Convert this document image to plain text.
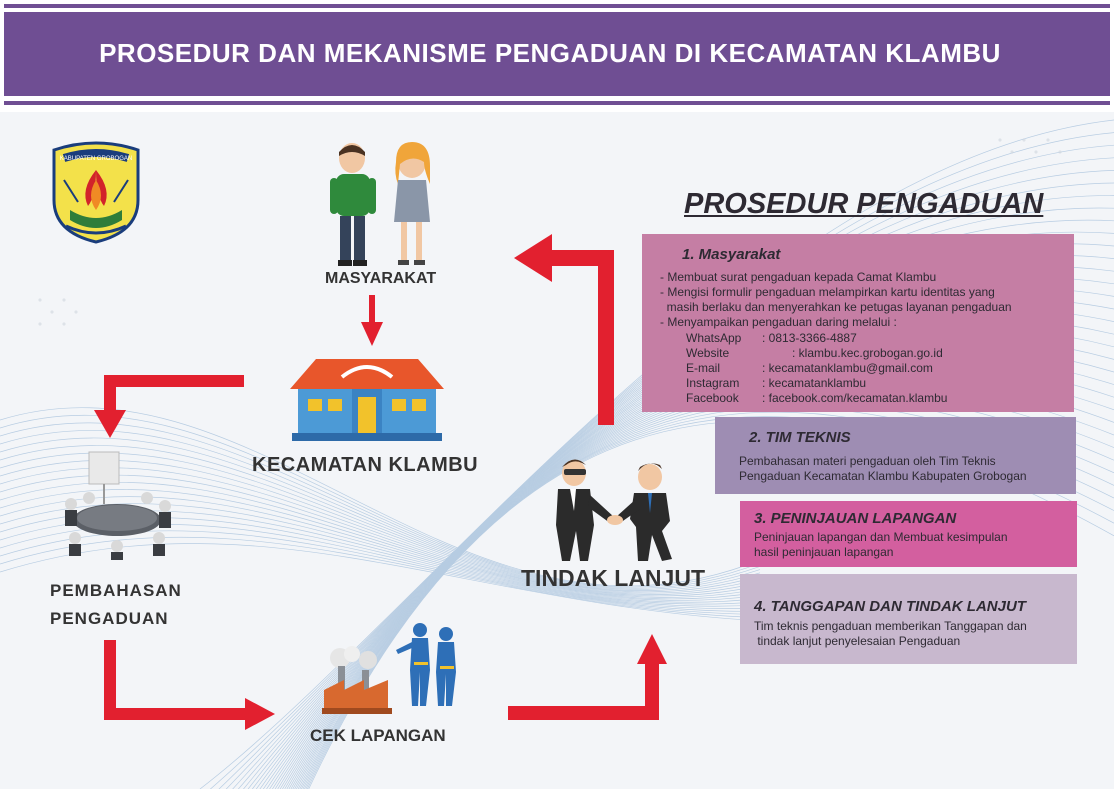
PROSEDUR DAN MEKANISME PENGADUAN DI KECAMATAN KLAMBU
KABUPATEN GROBOGAN
MASYARAKAT
KECAMATAN KLAMBU
PEMBAHASAN
PENGADUAN
CEK LAPANGAN
TINDAK LANJUT
PROSEDUR PENGADUAN
1. Masyarakat
- Membuat surat pengaduan kepada Camat Klambu
- Mengisi formulir pengaduan melampirkan kartu identitas yang
masih berlaku dan menyerahkan ke petugas layanan pengaduan
- Menyampaikan pengaduan daring melalui :
WhatsApp : 0813-3366-4887
Website	: klambu.kec.grobogan.go.id
E-mail	: kecamatanklambu@gmail.com
Instagram : kecamatanklambu
Facebook : facebook.com/kecamatan.klambu
2. TIM TEKNIS
Pembahasan materi pengaduan oleh Tim Teknis
Pengaduan Kecamatan Klambu Kabupaten Grobogan
3. PENINJAUAN LAPANGAN
Peninjauan lapangan dan Membuat kesimpulan
hasil peninjauan lapangan
4. TANGGAPAN DAN TINDAK LANJUT
Tim teknis pengaduan memberikan Tanggapan dan
tindak lanjut penyelesaian Pengaduan
